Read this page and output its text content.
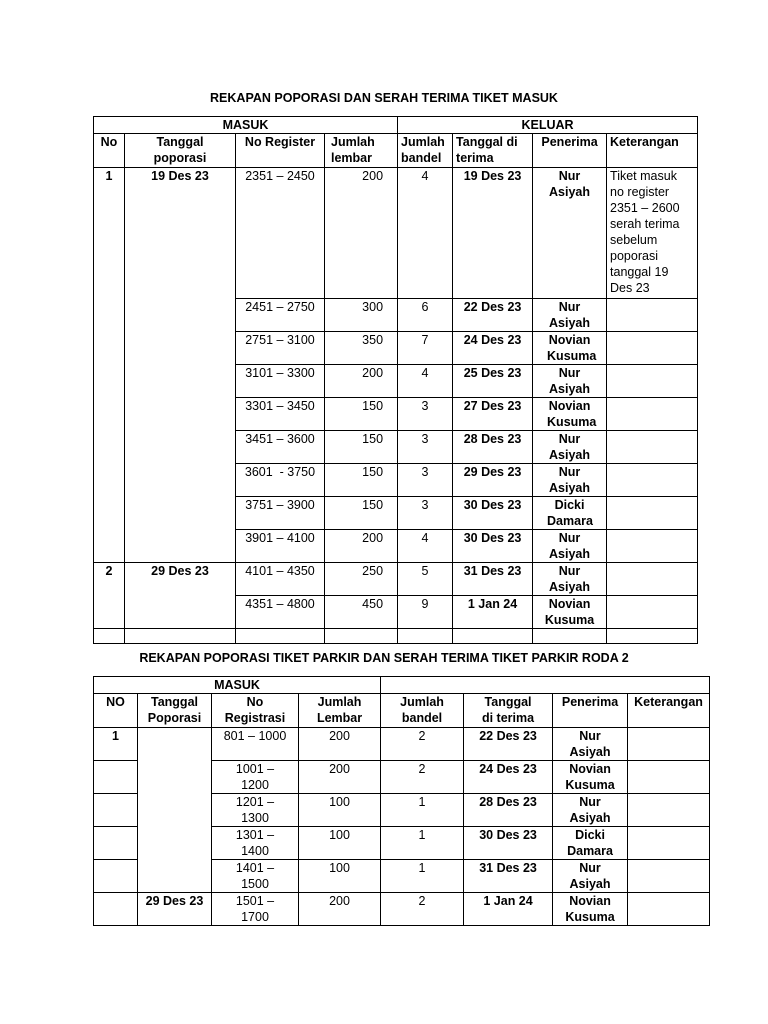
REKAPAN POPORASI DAN SERAH TERIMA TIKET MASUK
MASUK				KELUAR			
No	Tanggal poporasi	No Register	Jumlah lembar	Jumlah bandel	Tanggal di terima	Penerima	Keterangan
1	19 Des 23	2351 – 2450	200	4	19 Des 23	Nur Asiyah	Tiket masuk no register 2351 – 2600 serah terima sebelum poporasi tanggal 19 Des 23
		2451 – 2750	300	6	22 Des 23	Nur Asiyah	
		2751 – 3100	350	7	24 Des 23	Novian Kusuma	
		3101 – 3300	200	4	25 Des 23	Nur Asiyah	
		3301 – 3450	150	3	27 Des 23	Novian Kusuma	
		3451 – 3600	150	3	28 Des 23	Nur Asiyah	
		3601  - 3750	150	3	29 Des 23	Nur Asiyah	
		3751 – 3900	150	3	30 Des 23	Dicki Damara	
		3901 – 4100	200	4	30 Des 23	Nur Asiyah	
2	29 Des 23	4101 – 4350	250	5	31 Des 23	Nur Asiyah	
		4351 – 4800	450	9	1 Jan 24	Novian Kusuma	

REKAPAN POPORASI TIKET PARKIR DAN SERAH TERIMA TIKET PARKIR RODA 2
MASUK							
NO	Tanggal Poporasi	No Registrasi	Jumlah Lembar	Jumlah bandel	Tanggal di terima	Penerima	Keterangan
1		801 – 1000	200	2	22 Des 23	Nur Asiyah	
		1001 – 1200	200	2	24 Des 23	Novian Kusuma	
		1201 – 1300	100	1	28 Des 23	Nur Asiyah	
		1301 – 1400	100	1	30 Des 23	Dicki Damara	
		1401 – 1500	100	1	31 Des 23	Nur Asiyah	
	29 Des 23	1501 – 1700	200	2	1 Jan 24	Novian Kusuma	
